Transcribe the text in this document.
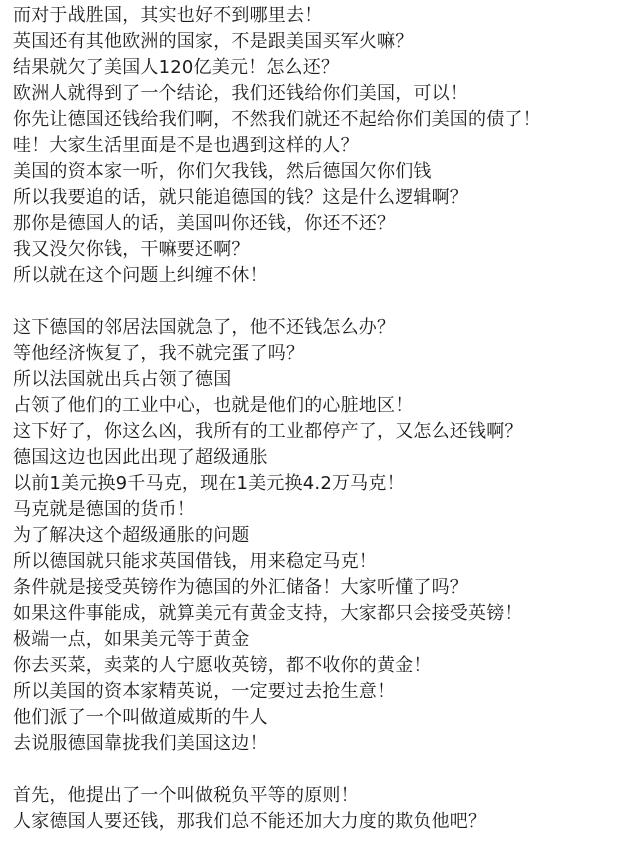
而对于战胜国，其实也好不到哪里去！
英国还有其他欧洲的国家，不是跟美国买军火嘛？
结果就欠了美国人120亿美元！怎么还？
欧洲人就得到了一个结论，我们还钱给你们美国，可以！
你先让德国还钱给我们啊，不然我们就还不起给你们美国的债了！
哇！大家生活里面是不是也遇到这样的人？
美国的资本家一听，你们欠我钱，然后德国欠你们钱
所以我要追的话，就只能追德国的钱？这是什么逻辑啊？
那你是德国人的话，美国叫你还钱，你还不还？
我又没欠你钱，干嘛要还啊？
所以就在这个问题上纠缠不休！
这下德国的邻居法国就急了，他不还钱怎么办？
等他经济恢复了，我不就完蛋了吗？
所以法国就出兵占领了德国
占领了他们的工业中心，也就是他们的心脏地区！
这下好了，你这么凶，我所有的工业都停产了，又怎么还钱啊？
德国这边也因此出现了超级通胀
以前1美元换9千马克，现在1美元换4.2万马克！
马克就是德国的货币！
为了解决这个超级通胀的问题
所以德国就只能求英国借钱，用来稳定马克！
条件就是接受英镑作为德国的外汇储备！大家听懂了吗？
如果这件事能成，就算美元有黄金支持，大家都只会接受英镑！
极端一点，如果美元等于黄金
你去买菜，卖菜的人宁愿收英镑，都不收你的黄金！
所以美国的资本家精英说，一定要过去抢生意！
他们派了一个叫做道威斯的牛人
去说服德国靠拢我们美国这边！
首先，他提出了一个叫做税负平等的原则！
人家德国人要还钱，那我们总不能还加大力度的欺负他吧？
